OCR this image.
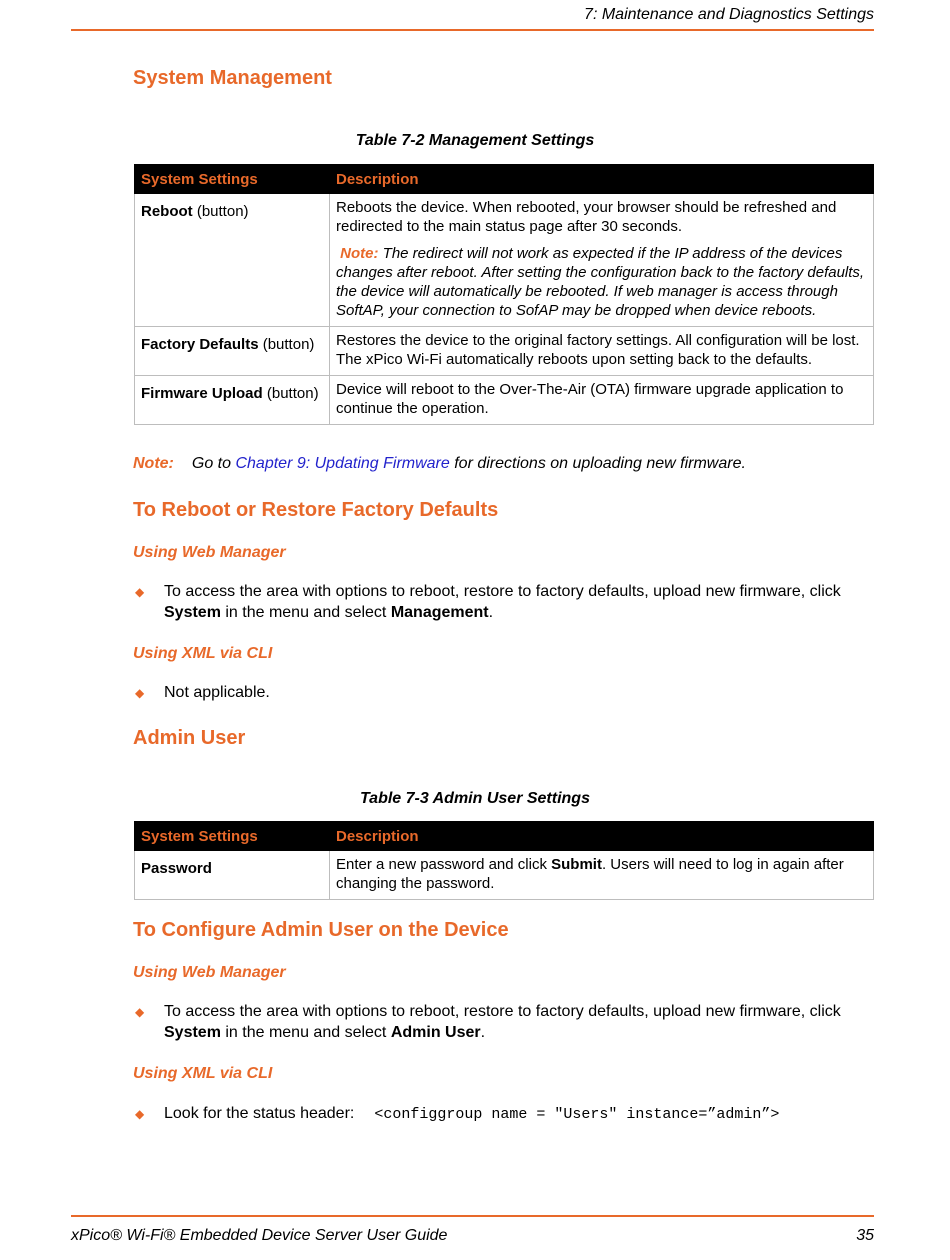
7: Maintenance and Diagnostics Settings
System Management
Table 7-2 Management Settings
System Settings	Description
Reboot (button)	Reboots the device. When rebooted, your browser should be refreshed and redirected to the main status page after 30 seconds.
Note: The redirect will not work as expected if the IP address of the devices changes after reboot. After setting the configuration back to the factory defaults, the device will automatically be rebooted. If web manager is access through SoftAP, your connection to SofAP may be dropped when device reboots.

Factory Defaults (button)	Restores the device to the original factory settings. All configuration will be lost. The xPico Wi-Fi automatically reboots upon setting back to the defaults.
Firmware Upload (button)	Device will reboot to the Over-The-Air (OTA) firmware upgrade application to continue the operation.
Note: Go to Chapter 9: Updating Firmware for directions on uploading new firmware.
To Reboot or Restore Factory Defaults
Using Web Manager
◆ To access the area with options to reboot, restore to factory defaults, upload new firmware, click System in the menu and select Management.
Using XML via CLI
◆ Not applicable.
Admin User
Table 7-3 Admin User Settings
System Settings	Description
Password	Enter a new password and click Submit. Users will need to log in again after changing the password.
To Configure Admin User on the Device
Using Web Manager
◆ To access the area with options to reboot, restore to factory defaults, upload new firmware, click System in the menu and select Admin User.
Using XML via CLI
◆ Look for the status header: <configgroup name = "Users" instance=”admin”>
xPico® Wi-Fi® Embedded Device Server User Guide	35
